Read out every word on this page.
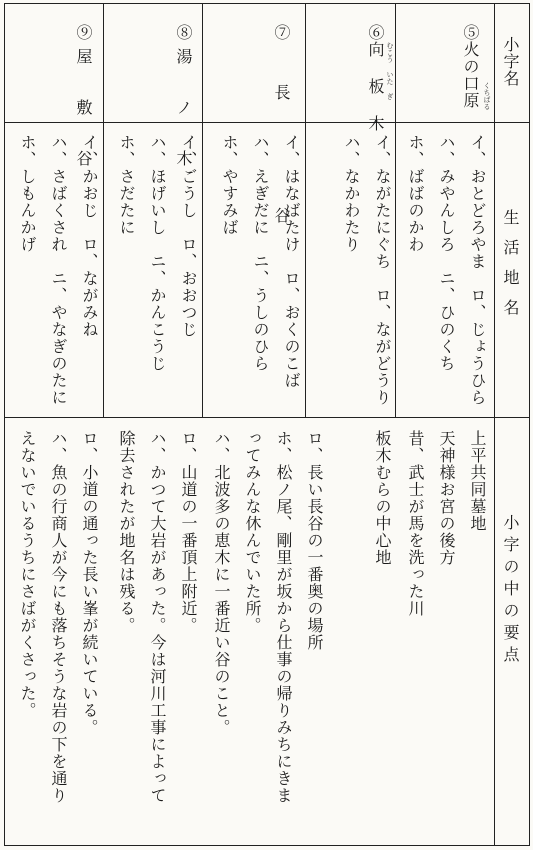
小字名
生活地名
小字の中の要点
⑤火の口原 くちばる
イ、おとどろやま　ロ、じょうひら
ハ、みやんしろ　ニ、ひのくち
ホ、ばばのかわ
上平共同墓地
天神様お宮の後方
昔、武士が馬を洗った川
⑥向 板 木 むこう いた ぎ
イ、ながたにぐち　ロ、ながどうり
ハ、なかわたり
板木むらの中心地
⑦長 谷
イ、はなばたけ　ロ、おくのこば
ハ、えぎだに　ニ、うしのひら
ホ、やすみば
ロ、長い長谷の一番奥の場所
ホ、松ノ尾、剛里が坂から仕事の帰りみちにきま
ってみんな休んでいた所。
ハ、北波多の恵木に一番近い谷のこと。
⑧湯 ノ 木
イ、ごうし　ロ、おおつじ
ハ、ほげいし　ニ、かんこうじ
ホ、さだたに
ロ、山道の一番頂上附近。
ハ、かつて大岩があった。今は河川工事によって
除去されたが地名は残る。
⑨屋 敷 谷
イ、かおじ　ロ、ながみね
ハ、さばくされ　ニ、やなぎのたに
ホ、しもんかげ
ロ、小道の通った長い峯が続いている。
ハ、魚の行商人が今にも落ちそうな岩の下を通り
えないでいるうちにさばがくさった。
